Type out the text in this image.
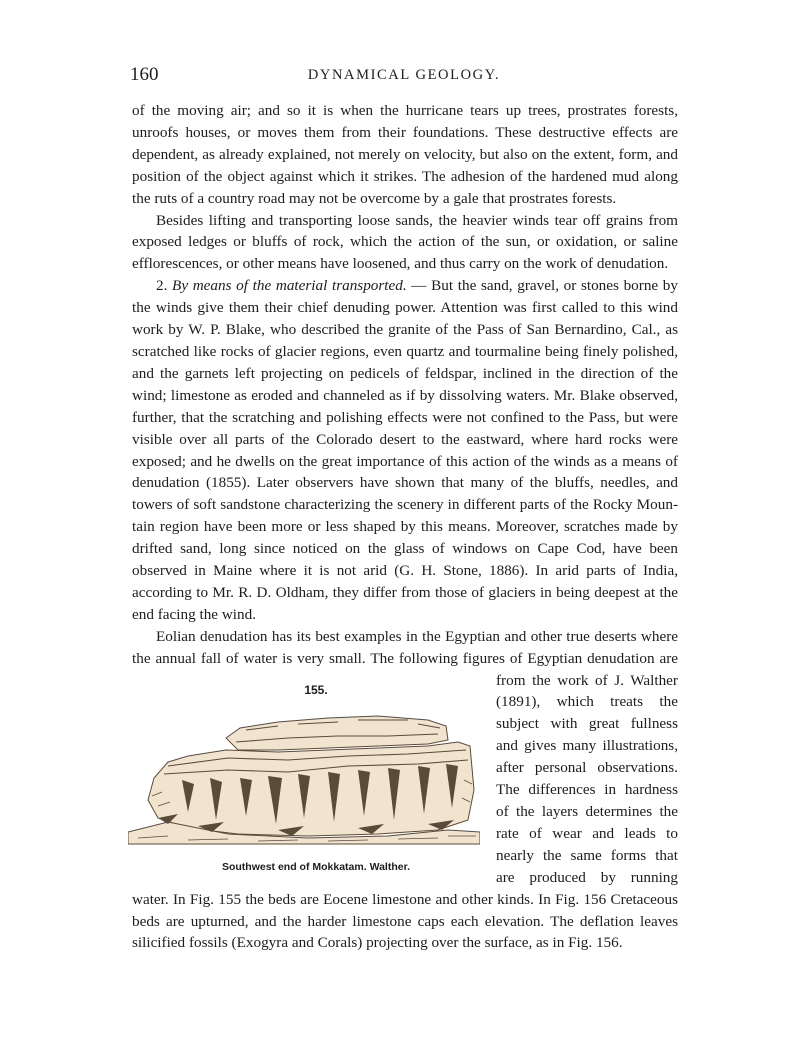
160	DYNAMICAL GEOLOGY.

of the moving air; and so it is when the hurricane tears up trees, prostrates forests, unroofs houses, or moves them from their foundations. These destructive effects are dependent, as already explained, not merely on velocity, but also on the extent, form, and position of the object against which it strikes. The adhesion of the hardened mud along the ruts of a country road may not be overcome by a gale that prostrates forests.

Besides lifting and transporting loose sands, the heavier winds tear off grains from exposed ledges or bluffs of rock, which the action of the sun, or oxidation, or saline efflorescences, or other means have loosened, and thus carry on the work of denudation.

2. By means of the material transported. — But the sand, gravel, or stones borne by the winds give them their chief denuding power. Attention was first called to this wind work by W. P. Blake, who described the granite of the Pass of San Bernardino, Cal., as scratched like rocks of glacier regions, even quartz and tourmaline being finely polished, and the garnets left projecting on pedicels of feldspar, inclined in the direction of the wind; limestone as eroded and channeled as if by dissolving waters. Mr. Blake observed, further, that the scratching and polishing effects were not confined to the Pass, but were visible over all parts of the Colorado desert to the eastward, where hard rocks were exposed; and he dwells on the great importance of this action of the winds as a means of denudation (1855). Later observers have shown that many of the bluffs, needles, and towers of soft sandstone characterizing the scenery in different parts of the Rocky Mountain region have been more or less shaped by this means. Moreover, scratches made by drifted sand, long since noticed on the glass of windows on Cape Cod, have been observed in Maine where it is not arid (G. H. Stone, 1886). In arid parts of India, according to Mr. R. D. Oldham, they differ from those of glaciers in being deepest at the end facing the wind.

Eolian denudation has its best examples in the Egyptian and other true deserts where the annual fall of water is very small.
155.
Southwest end of Mokkatam. Walther.
The following figures of Egyptian denudation are from the work of J. Walther (1891), which treats the subject with great fullness and gives many illustrations, after personal observations. The differences in hardness of the layers determines the rate of wear and leads to nearly the same forms that are produced by running water. In Fig. 155 the beds are Eocene limestone and other kinds. In Fig. 156 Cretaceous beds are upturned, and the harder limestone caps each elevation. The deflation leaves silicified fossils (Exogyra and Corals) projecting over the surface, as in Fig. 156.
